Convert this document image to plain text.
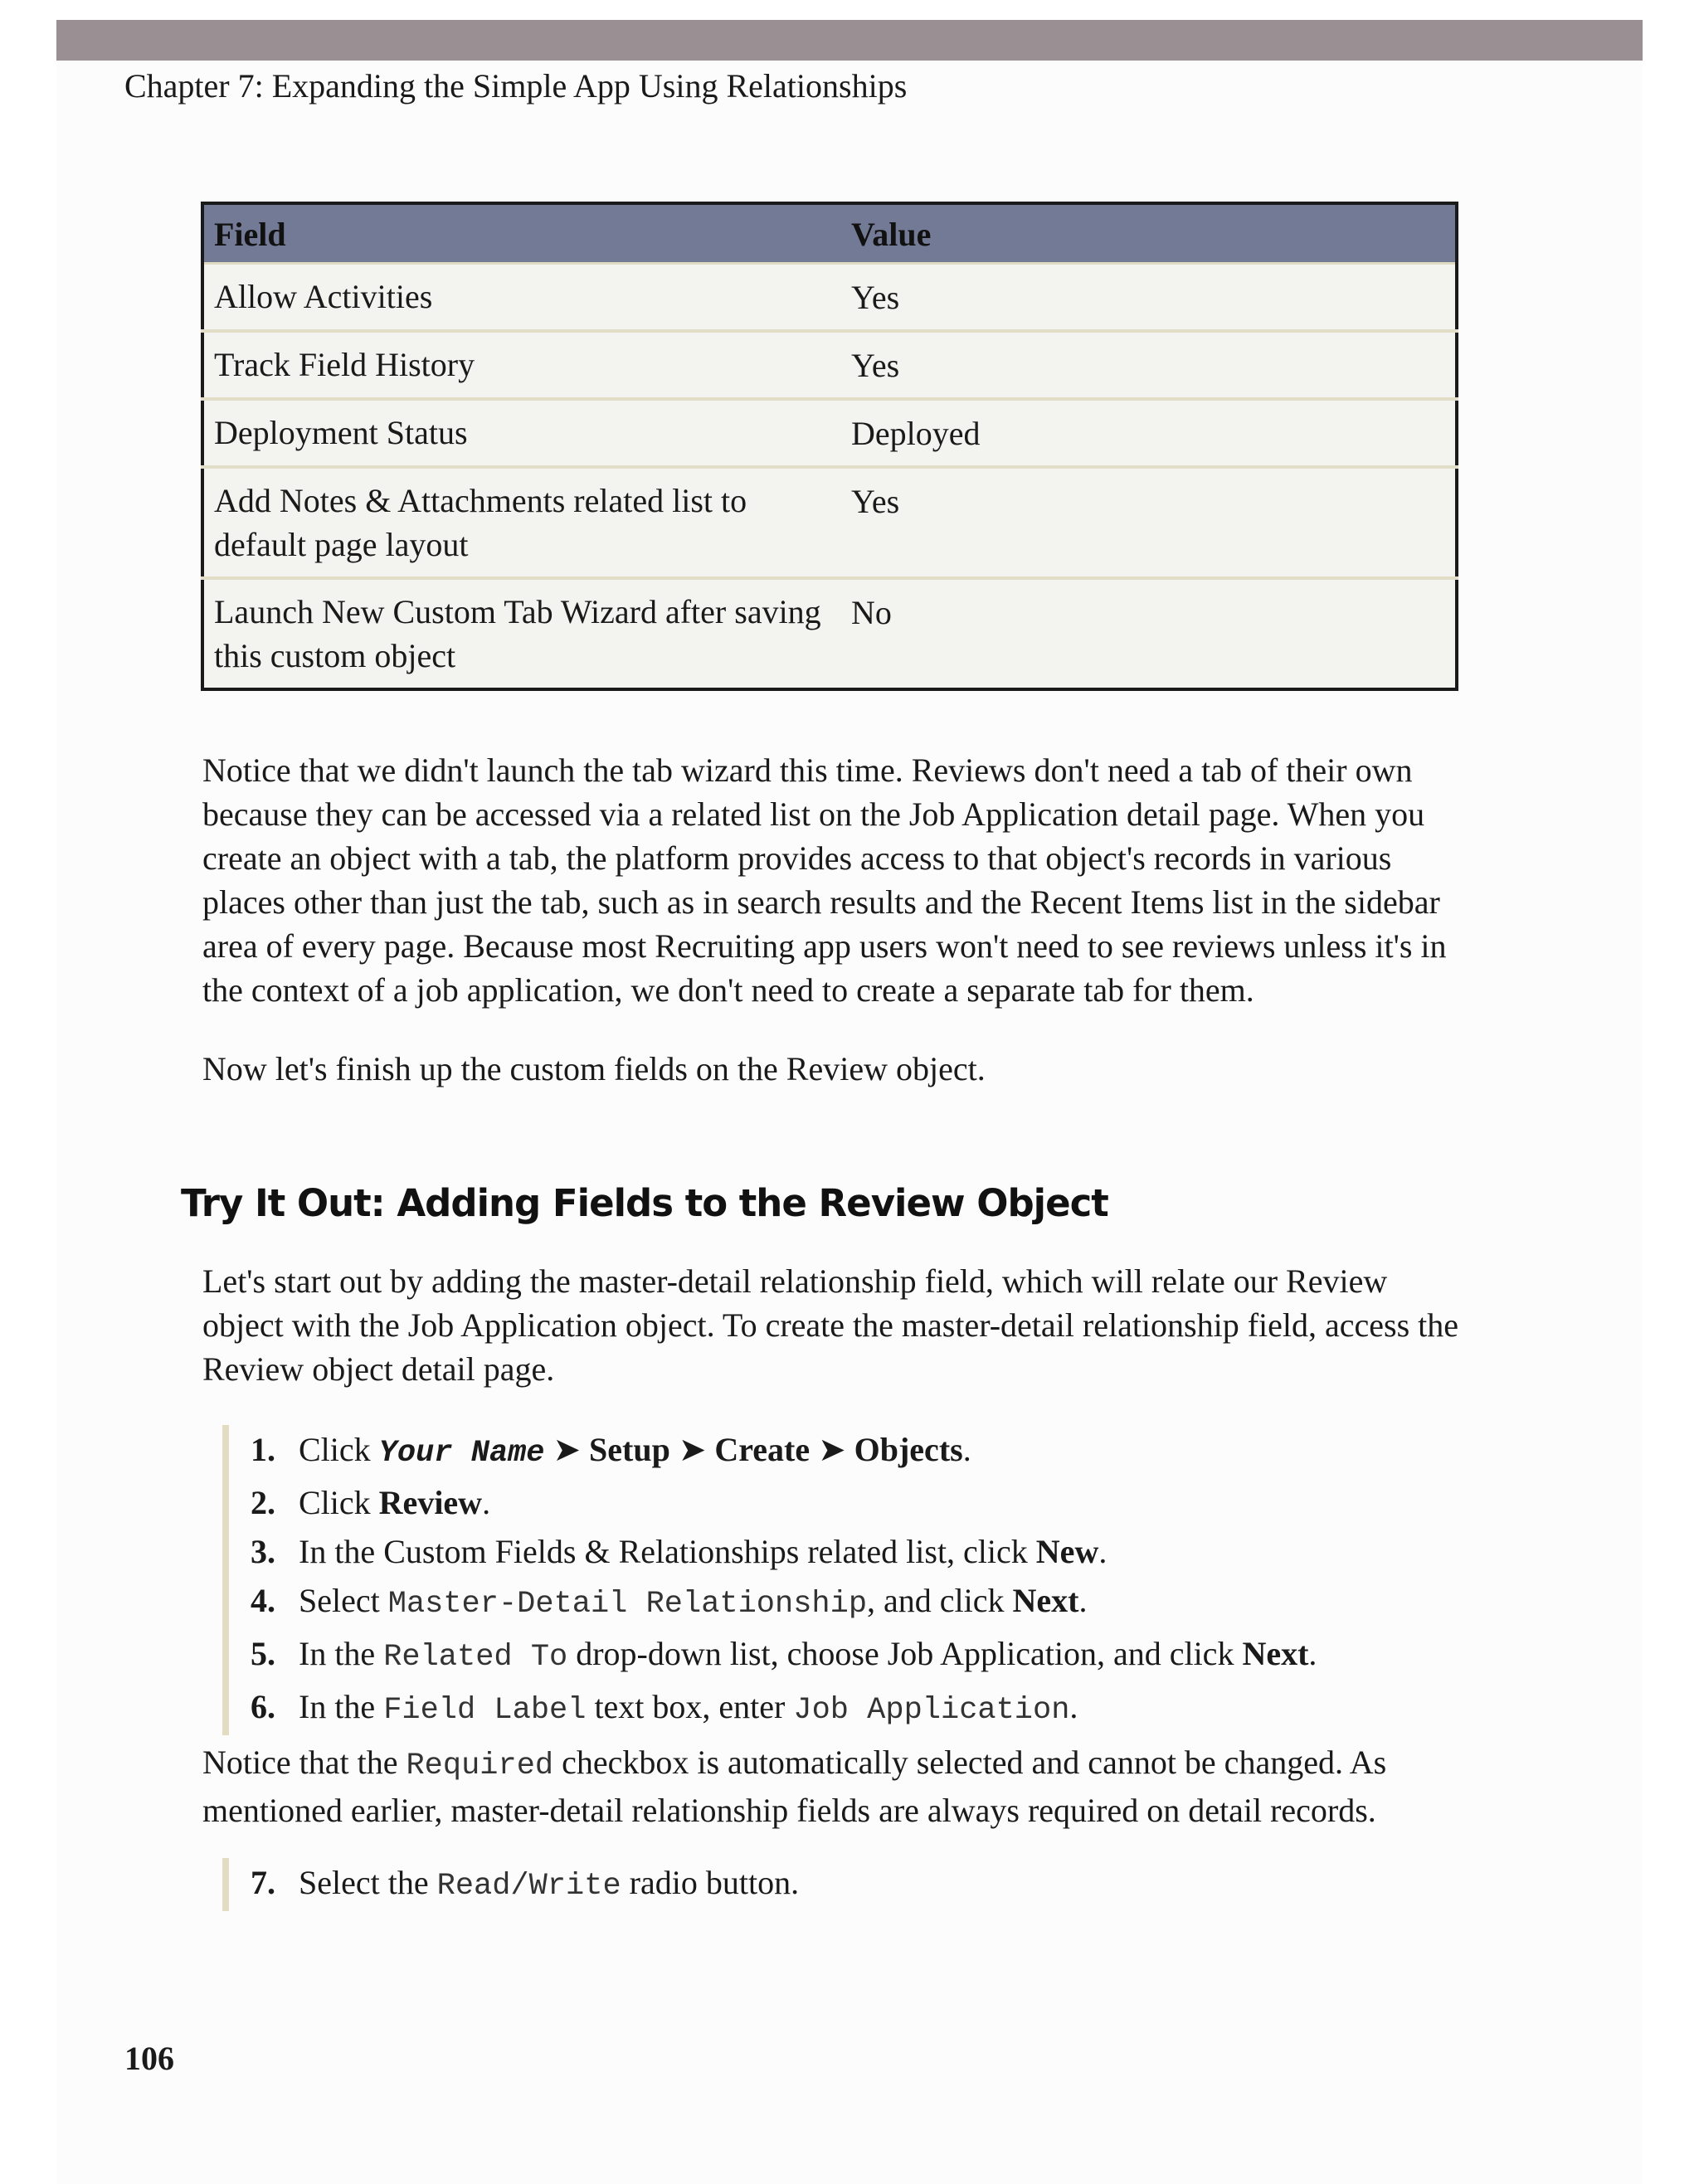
Chapter 7: Expanding the Simple App Using Relationships
Field	Value
Allow Activities	Yes
Track Field History	Yes
Deployment Status	Deployed
Add Notes & Attachments related list to default page layout	Yes
Launch New Custom Tab Wizard after saving this custom object	No

Notice that we didn't launch the tab wizard this time. Reviews don't need a tab of their own because they can be accessed via a related list on the Job Application detail page. When you create an object with a tab, the platform provides access to that object's records in various places other than just the tab, such as in search results and the Recent Items list in the sidebar area of every page. Because most Recruiting app users won't need to see reviews unless it's in the context of a job application, we don't need to create a separate tab for them.

Now let's finish up the custom fields on the Review object.

Try It Out: Adding Fields to the Review Object

Let's start out by adding the master-detail relationship field, which will relate our Review object with the Job Application object. To create the master-detail relationship field, access the Review object detail page.

1. Click Your Name ➤ Setup ➤ Create ➤ Objects.
2. Click Review.
3. In the Custom Fields & Relationships related list, click New.
4. Select Master-Detail Relationship, and click Next.
5. In the Related To drop-down list, choose Job Application, and click Next.
6. In the Field Label text box, enter Job Application.

Notice that the Required checkbox is automatically selected and cannot be changed. As mentioned earlier, master-detail relationship fields are always required on detail records.

7. Select the Read/Write radio button.

106
